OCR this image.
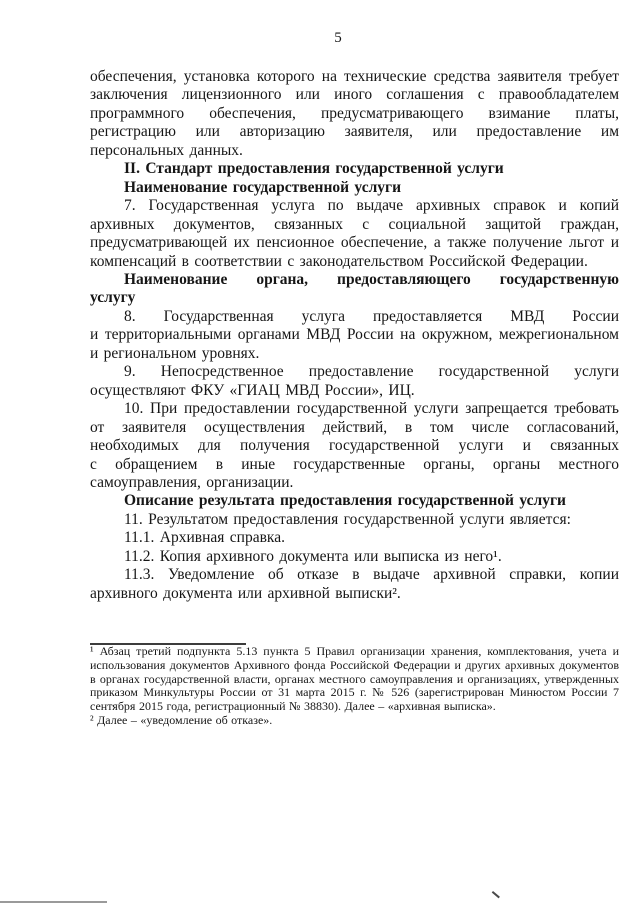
5

обеспечения, установка которого на технические средства заявителя требует заключения лицензионного или иного соглашения с правообладателем программного обеспечения, предусматривающего взимание платы, регистрацию или авторизацию заявителя, или предоставление им персональных данных.

II. Стандарт предоставления государственной услуги

Наименование государственной услуги

7. Государственная услуга по выдаче архивных справок и копий архивных документов, связанных с социальной защитой граждан, предусматривающей их пенсионное обеспечение, а также получение льгот и компенсаций в соответствии с законодательством Российской Федерации.

Наименование органа, предоставляющего государственную

услугу

8. Государственная услуга предоставляется МВД России и территориальными органами МВД России на окружном, межрегиональном и региональном уровнях.

9. Непосредственное предоставление государственной услуги осуществляют ФКУ «ГИАЦ МВД России», ИЦ.

10. При предоставлении государственной услуги запрещается требовать от заявителя осуществления действий, в том числе согласований, необходимых для получения государственной услуги и связанных с обращением в иные государственные органы, органы местного самоуправления, организации.

Описание результата предоставления государственной услуги

11. Результатом предоставления государственной услуги является:

11.1. Архивная справка.

11.2. Копия архивного документа или выписка из него¹.

11.3. Уведомление об отказе в выдаче архивной справки, копии архивного документа или архивной выписки².

¹ Абзац третий подпункта 5.13 пункта 5 Правил организации хранения, комплектования, учета и использования документов Архивного фонда Российской Федерации и других архивных документов в органах государственной власти, органах местного самоуправления и организациях, утвержденных приказом Минкультуры России от 31 марта 2015 г. № 526 (зарегистрирован Минюстом России 7 сентября 2015 года, регистрационный № 38830). Далее – «архивная выписка».

² Далее – «уведомление об отказе».
